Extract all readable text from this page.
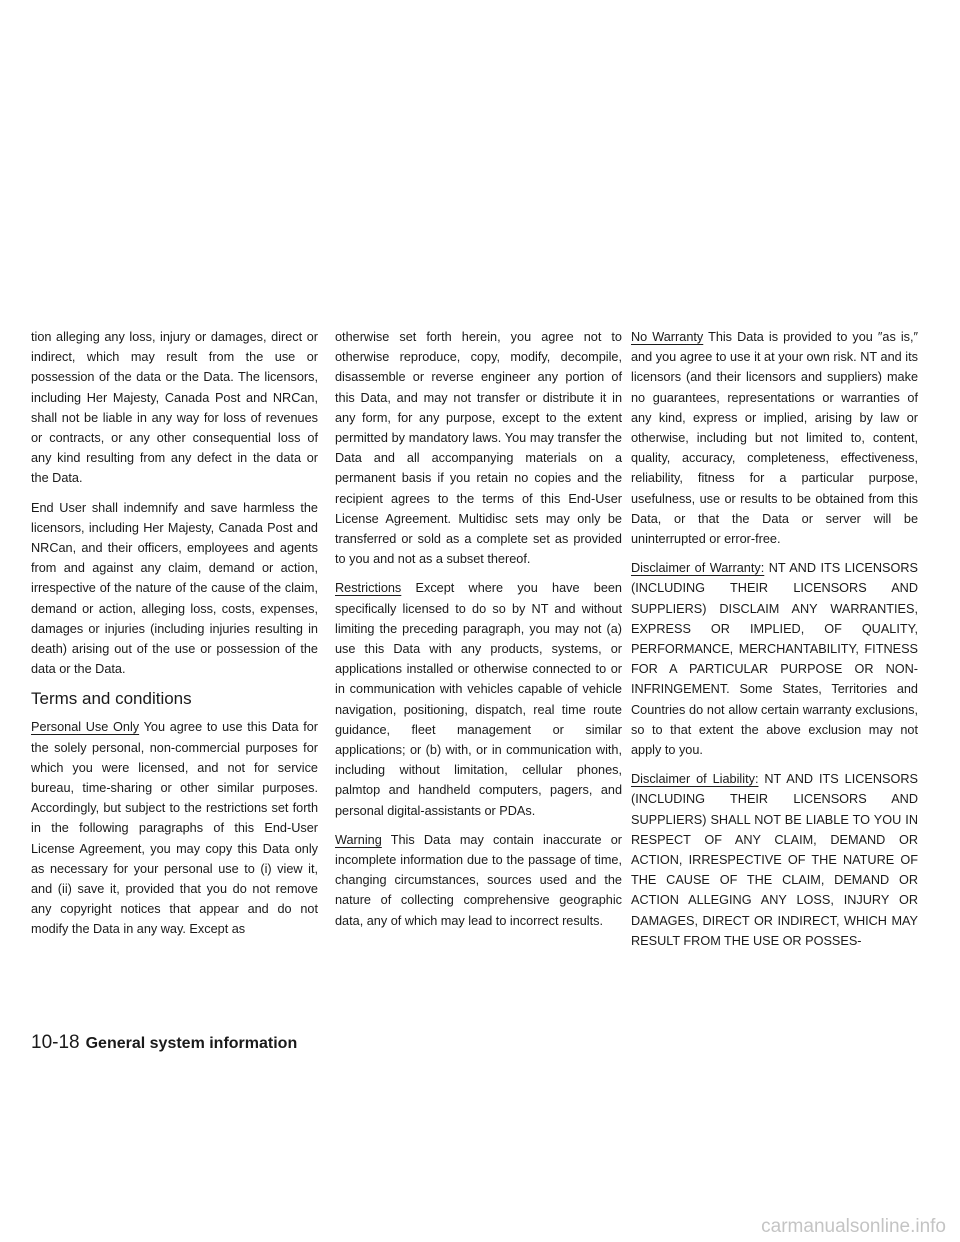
tion alleging any loss, injury or damages, direct or indirect, which may result from the use or possession of the data or the Data. The licensors, including Her Majesty, Canada Post and NRCan, shall not be liable in any way for loss of revenues or contracts, or any other consequential loss of any kind resulting from any defect in the data or the Data.

End User shall indemnify and save harmless the licensors, including Her Majesty, Canada Post and NRCan, and their officers, employees and agents from and against any claim, demand or action, irrespective of the nature of the cause of the claim, demand or action, alleging loss, costs, expenses, damages or injuries (including injuries resulting in death) arising out of the use or possession of the data or the Data.

Terms and conditions

Personal Use Only You agree to use this Data for the solely personal, non-commercial purposes for which you were licensed, and not for service bureau, time-sharing or other similar purposes. Accordingly, but subject to the restrictions set forth in the following paragraphs of this End-User License Agreement, you may copy this Data only as necessary for your personal use to (i) view it, and (ii) save it, provided that you do not remove any copyright notices that appear and do not modify the Data in any way. Except as

otherwise set forth herein, you agree not to otherwise reproduce, copy, modify, decompile, disassemble or reverse engineer any portion of this Data, and may not transfer or distribute it in any form, for any purpose, except to the extent permitted by mandatory laws. You may transfer the Data and all accompanying materials on a permanent basis if you retain no copies and the recipient agrees to the terms of this End-User License Agreement. Multidisc sets may only be transferred or sold as a complete set as provided to you and not as a subset thereof.

Restrictions Except where you have been specifically licensed to do so by NT and without limiting the preceding paragraph, you may not (a) use this Data with any products, systems, or applications installed or otherwise connected to or in communication with vehicles capable of vehicle navigation, positioning, dispatch, real time route guidance, fleet management or similar applications; or (b) with, or in communication with, including without limitation, cellular phones, palmtop and handheld computers, pagers, and personal digital-assistants or PDAs.

Warning This Data may contain inaccurate or incomplete information due to the passage of time, changing circumstances, sources used and the nature of collecting comprehensive geographic data, any of which may lead to incorrect results.

No Warranty This Data is provided to you ″as is,″ and you agree to use it at your own risk. NT and its licensors (and their licensors and suppliers) make no guarantees, representations or warranties of any kind, express or implied, arising by law or otherwise, including but not limited to, content, quality, accuracy, completeness, effectiveness, reliability, fitness for a particular purpose, usefulness, use or results to be obtained from this Data, or that the Data or server will be uninterrupted or error-free.

Disclaimer of Warranty: NT AND ITS LICENSORS (INCLUDING THEIR LICENSORS AND SUPPLIERS) DISCLAIM ANY WARRANTIES, EXPRESS OR IMPLIED, OF QUALITY, PERFORMANCE, MERCHANTABILITY, FITNESS FOR A PARTICULAR PURPOSE OR NON-INFRINGEMENT. Some States, Territories and Countries do not allow certain warranty exclusions, so to that extent the above exclusion may not apply to you.

Disclaimer of Liability: NT AND ITS LICENSORS (INCLUDING THEIR LICENSORS AND SUPPLIERS) SHALL NOT BE LIABLE TO YOU IN RESPECT OF ANY CLAIM, DEMAND OR ACTION, IRRESPECTIVE OF THE NATURE OF THE CAUSE OF THE CLAIM, DEMAND OR ACTION ALLEGING ANY LOSS, INJURY OR DAMAGES, DIRECT OR INDIRECT, WHICH MAY RESULT FROM THE USE OR POSSES-

10-18 General system information
carmanualsonline.info
